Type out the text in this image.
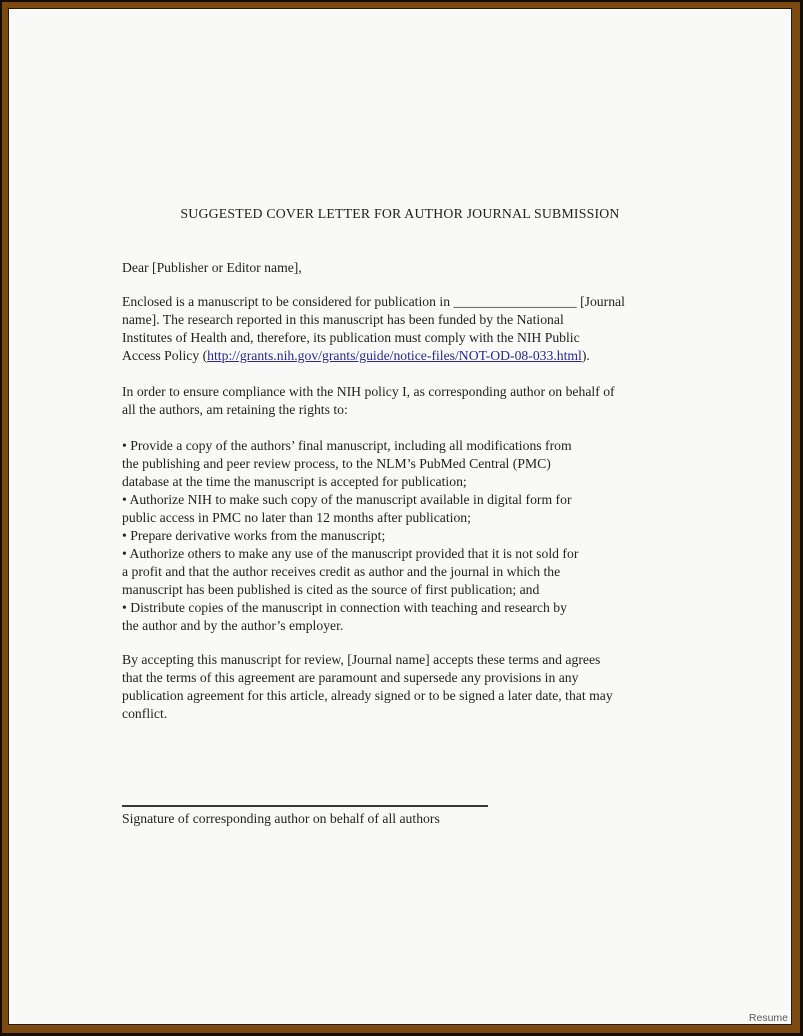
SUGGESTED COVER LETTER FOR AUTHOR JOURNAL SUBMISSION
Dear [Publisher or Editor name],
Enclosed is a manuscript to be considered for publication in __________________ [Journal
name]. The research reported in this manuscript has been funded by the National
Institutes of Health and, therefore, its publication must comply with the NIH Public
Access Policy (http://grants.nih.gov/grants/guide/notice-files/NOT-OD-08-033.html).
In order to ensure compliance with the NIH policy I, as corresponding author on behalf of
all the authors, am retaining the rights to:
• Provide a copy of the authors’ final manuscript, including all modifications from
the publishing and peer review process, to the NLM’s PubMed Central (PMC)
database at the time the manuscript is accepted for publication;
• Authorize NIH to make such copy of the manuscript available in digital form for
public access in PMC no later than 12 months after publication;
• Prepare derivative works from the manuscript;
• Authorize others to make any use of the manuscript provided that it is not sold for
a profit and that the author receives credit as author and the journal in which the
manuscript has been published is cited as the source of first publication; and
• Distribute copies of the manuscript in connection with teaching and research by
the author and by the author’s employer.
By accepting this manuscript for review, [Journal name] accepts these terms and agrees
that the terms of this agreement are paramount and supersede any provisions in any
publication agreement for this article, already signed or to be signed a later date, that may
conflict.
Signature of corresponding author on behalf of all authors
Resume
